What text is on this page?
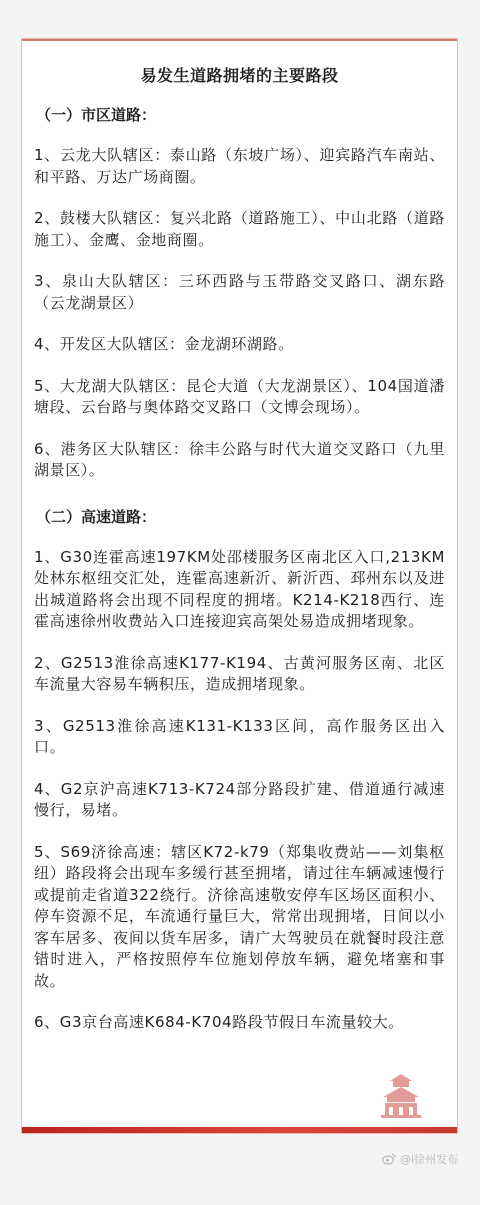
易发生道路拥堵的主要路段
（一）市区道路：

1、云龙大队辖区：泰山路（东坡广场）、迎宾路汽车南站、和平路、万达广场商圈。

2、鼓楼大队辖区：复兴北路（道路施工）、中山北路（道路施工）、金鹰、金地商圈。

3、泉山大队辖区：三环西路与玉带路交叉路口、湖东路（云龙湖景区）

4、开发区大队辖区：金龙湖环湖路。

5、大龙湖大队辖区：昆仑大道（大龙湖景区）、104国道潘塘段、云台路与奥体路交叉路口（文博会现场）。

6、港务区大队辖区：徐丰公路与时代大道交叉路口（九里湖景区）。

（二）高速道路：

1、G30连霍高速197KM处邵楼服务区南北区入口,213KM处林东枢纽交汇处，连霍高速新沂、新沂西、邳州东以及进出城道路将会出现不同程度的拥堵。K214-K218西行、连霍高速徐州收费站入口连接迎宾高架处易造成拥堵现象。

2、G2513淮徐高速K177-K194、古黄河服务区南、北区车流量大容易车辆积压，造成拥堵现象。

3、G2513淮徐高速K131-K133区间，高作服务区出入口。

4、G2京沪高速K713-K724部分路段扩建、借道通行减速慢行，易堵。

5、S69济徐高速：辖区K72-k79（郑集收费站——刘集枢纽）路段将会出现车多缓行甚至拥堵，请过往车辆减速慢行或提前走省道322绕行。济徐高速敬安停车区场区面积小、停车资源不足，车流通行量巨大，常常出现拥堵，日间以小客车居多、夜间以货车居多，请广大驾驶员在就餐时段注意错时进入，严格按照停车位施划停放车辆，避免堵塞和事故。

6、G3京台高速K684-K704路段节假日车流量较大。

@i徐州发布
